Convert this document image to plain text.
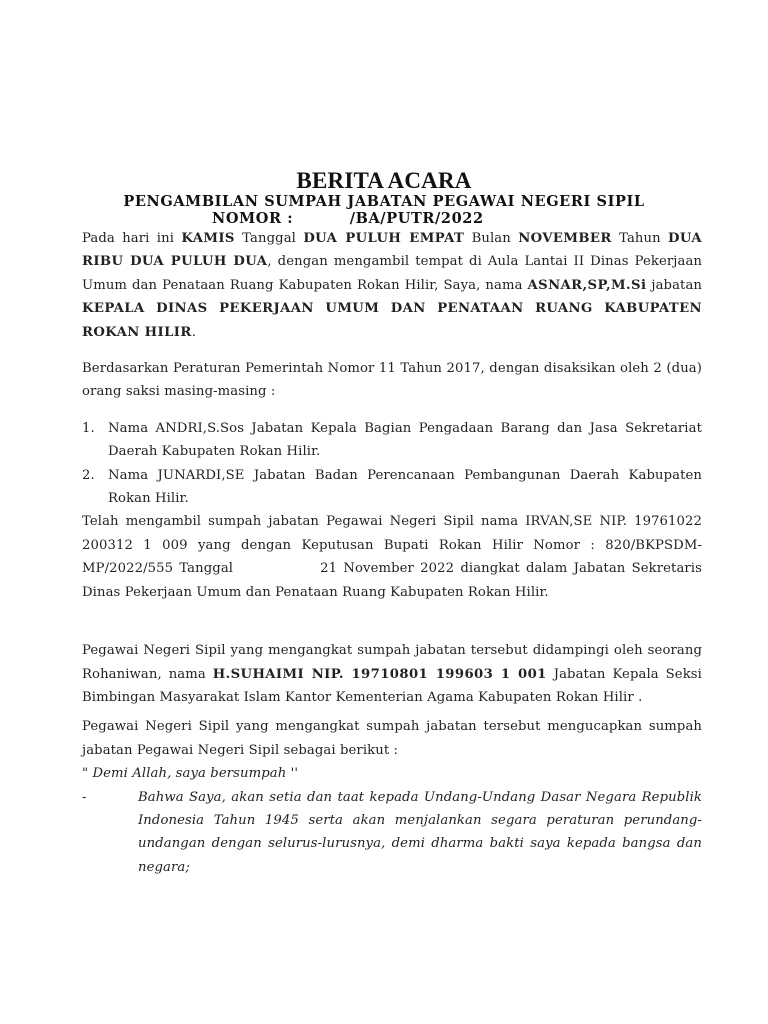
BERITA ACARA
PENGAMBILAN SUMPAH JABATAN PEGAWAI NEGERI SIPIL
NOMOR :          /BA/PUTR/2022

Pada hari ini KAMIS Tanggal DUA PULUH EMPAT Bulan NOVEMBER Tahun DUA RIBU DUA PULUH DUA, dengan mengambil tempat di Aula Lantai II Dinas Pekerjaan Umum dan Penataan Ruang Kabupaten Rokan Hilir, Saya, nama ASNAR,SP,M.Si jabatan KEPALA DINAS PEKERJAAN UMUM DAN PENATAAN RUANG KABUPATEN ROKAN HILIR.

Berdasarkan Peraturan Pemerintah Nomor 11 Tahun 2017, dengan disaksikan oleh 2 (dua) orang saksi masing-masing :

1. Nama ANDRI,S.Sos Jabatan Kepala Bagian Pengadaan Barang dan Jasa Sekretariat Daerah Kabupaten Rokan Hilir.
2. Nama JUNARDI,SE Jabatan Badan Perencanaan Pembangunan Daerah Kabupaten Rokan Hilir.

Telah mengambil sumpah jabatan Pegawai Negeri Sipil nama IRVAN,SE NIP. 19761022 200312 1 009 yang dengan Keputusan Bupati Rokan Hilir Nomor : 820/BKPSDM-MP/2022/555 Tanggal              21 November 2022 diangkat dalam Jabatan Sekretaris Dinas Pekerjaan Umum dan Penataan Ruang Kabupaten Rokan Hilir.

Pegawai Negeri Sipil yang mengangkat sumpah jabatan tersebut didampingi oleh seorang Rohaniwan, nama H.SUHAIMI NIP. 19710801 199603 1 001 Jabatan Kepala Seksi Bimbingan Masyarakat Islam Kantor Kementerian Agama Kabupaten Rokan Hilir .

Pegawai Negeri Sipil yang mengangkat sumpah jabatan tersebut mengucapkan sumpah jabatan Pegawai Negeri Sipil sebagai berikut :

" Demi Allah, saya bersumpah ''

-	Bahwa Saya, akan setia dan taat kepada Undang-Undang Dasar Negara Republik Indonesia Tahun 1945 serta akan menjalankan segara peraturan perundang-undangan dengan selurus-lurusnya, demi dharma bakti saya kepada bangsa dan negara;
